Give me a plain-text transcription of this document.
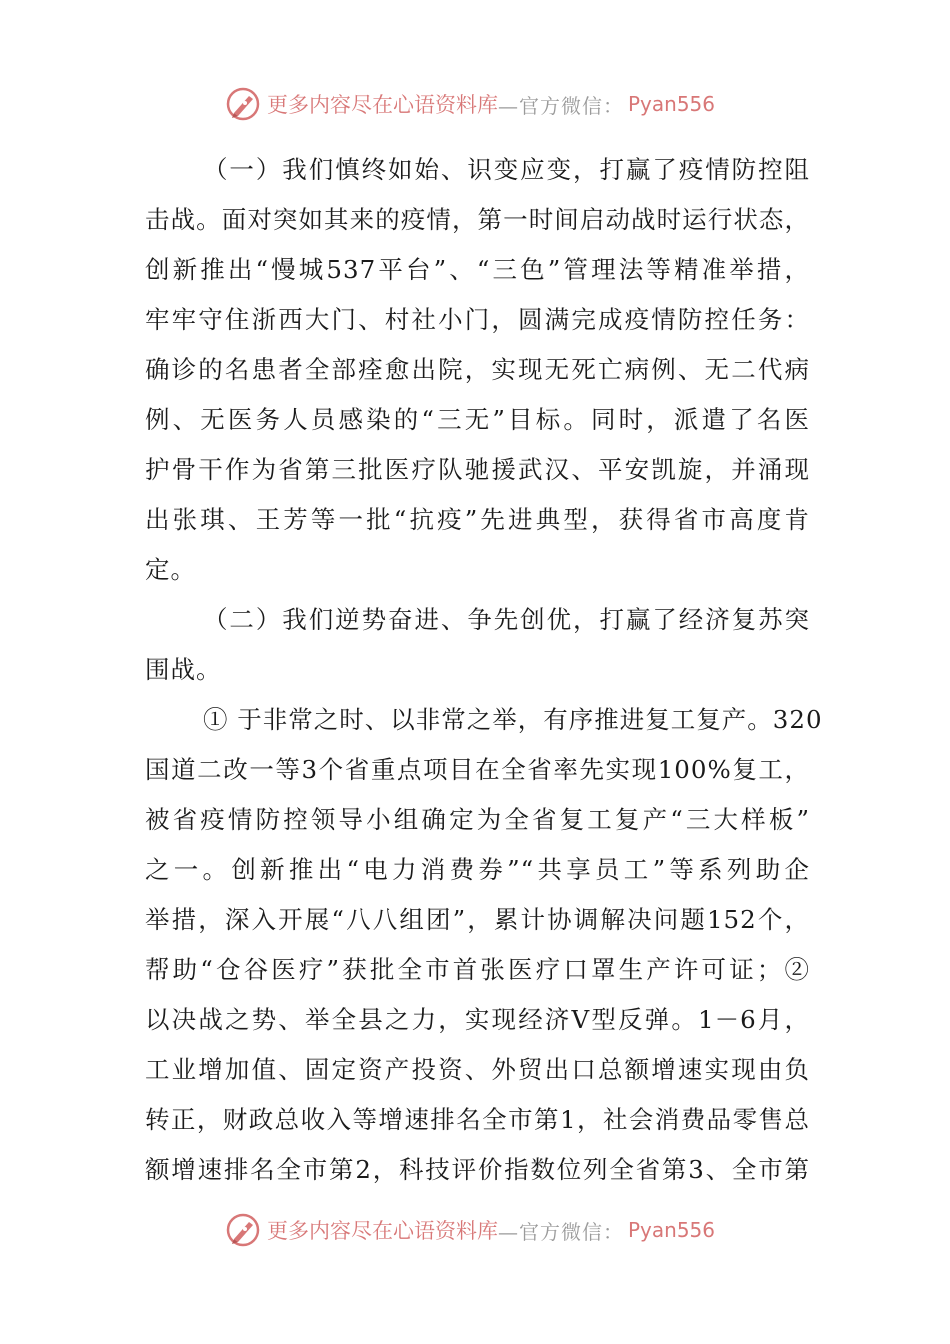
更多内容尽在心语资料库 —官方微信： Pyan556
（一）我们慎终如始、识变应变，打赢了疫情防控阻
击战。面对突如其来的疫情，第一时间启动战时运行状态，
创新推出“慢城537平台”、“三色”管理法等精准举措，
牢牢守住浙西大门、村社小门，圆满完成疫情防控任务：
确诊的名患者全部痊愈出院，实现无死亡病例、无二代病
例、无医务人员感染的“三无”目标。同时，派遣了名医
护骨干作为省第三批医疗队驰援武汉、平安凯旋，并涌现
出张琪、王芳等一批“抗疫”先进典型，获得省市高度肯
定。
（二）我们逆势奋进、争先创优，打赢了经济复苏突
围战。
① 于非常之时、以非常之举，有序推进复工复产。320
国道二改一等3个省重点项目在全省率先实现100%复工，
被省疫情防控领导小组确定为全省复工复产“三大样板”
之一。创新推出“电力消费券”“共享员工”等系列助企
举措，深入开展“八八组团”，累计协调解决问题152个，
帮助“仓谷医疗”获批全市首张医疗口罩生产许可证；②
以决战之势、举全县之力，实现经济V型反弹。1－6月，
工业增加值、固定资产投资、外贸出口总额增速实现由负
转正，财政总收入等增速排名全市第1，社会消费品零售总
额增速排名全市第2，科技评价指数位列全省第3、全市第
更多内容尽在心语资料库 —官方微信： Pyan556
